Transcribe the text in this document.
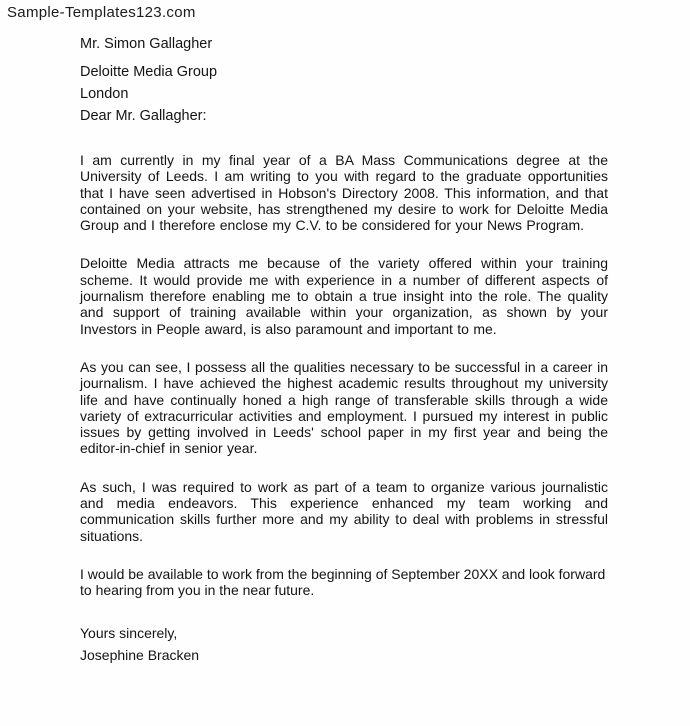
Sample-Templates123.com
Mr. Simon Gallagher
Deloitte Media Group
London
Dear Mr. Gallagher:

I am currently in my final year of a BA Mass Communications degree at the University of Leeds. I am writing to you with regard to the graduate opportunities that I have seen advertised in Hobson's Directory 2008. This information, and that contained on your website, has strengthened my desire to work for Deloitte Media Group and I therefore enclose my C.V. to be considered for your News Program.

Deloitte Media attracts me because of the variety offered within your training scheme. It would provide me with experience in a number of different aspects of journalism therefore enabling me to obtain a true insight into the role. The quality and support of training available within your organization, as shown by your Investors in People award, is also paramount and important to me.

As you can see, I possess all the qualities necessary to be successful in a career in journalism. I have achieved the highest academic results throughout my university life and have continually honed a high range of transferable skills through a wide variety of extracurricular activities and employment. I pursued my interest in public issues by getting involved in Leeds' school paper in my first year and being the editor-in-chief in senior year.

As such, I was required to work as part of a team to organize various journalistic and media endeavors. This experience enhanced my team working and communication skills further more and my ability to deal with problems in stressful situations.

I would be available to work from the beginning of September 20XX and look forward to hearing from you in the near future.

Yours sincerely,

Josephine Bracken
